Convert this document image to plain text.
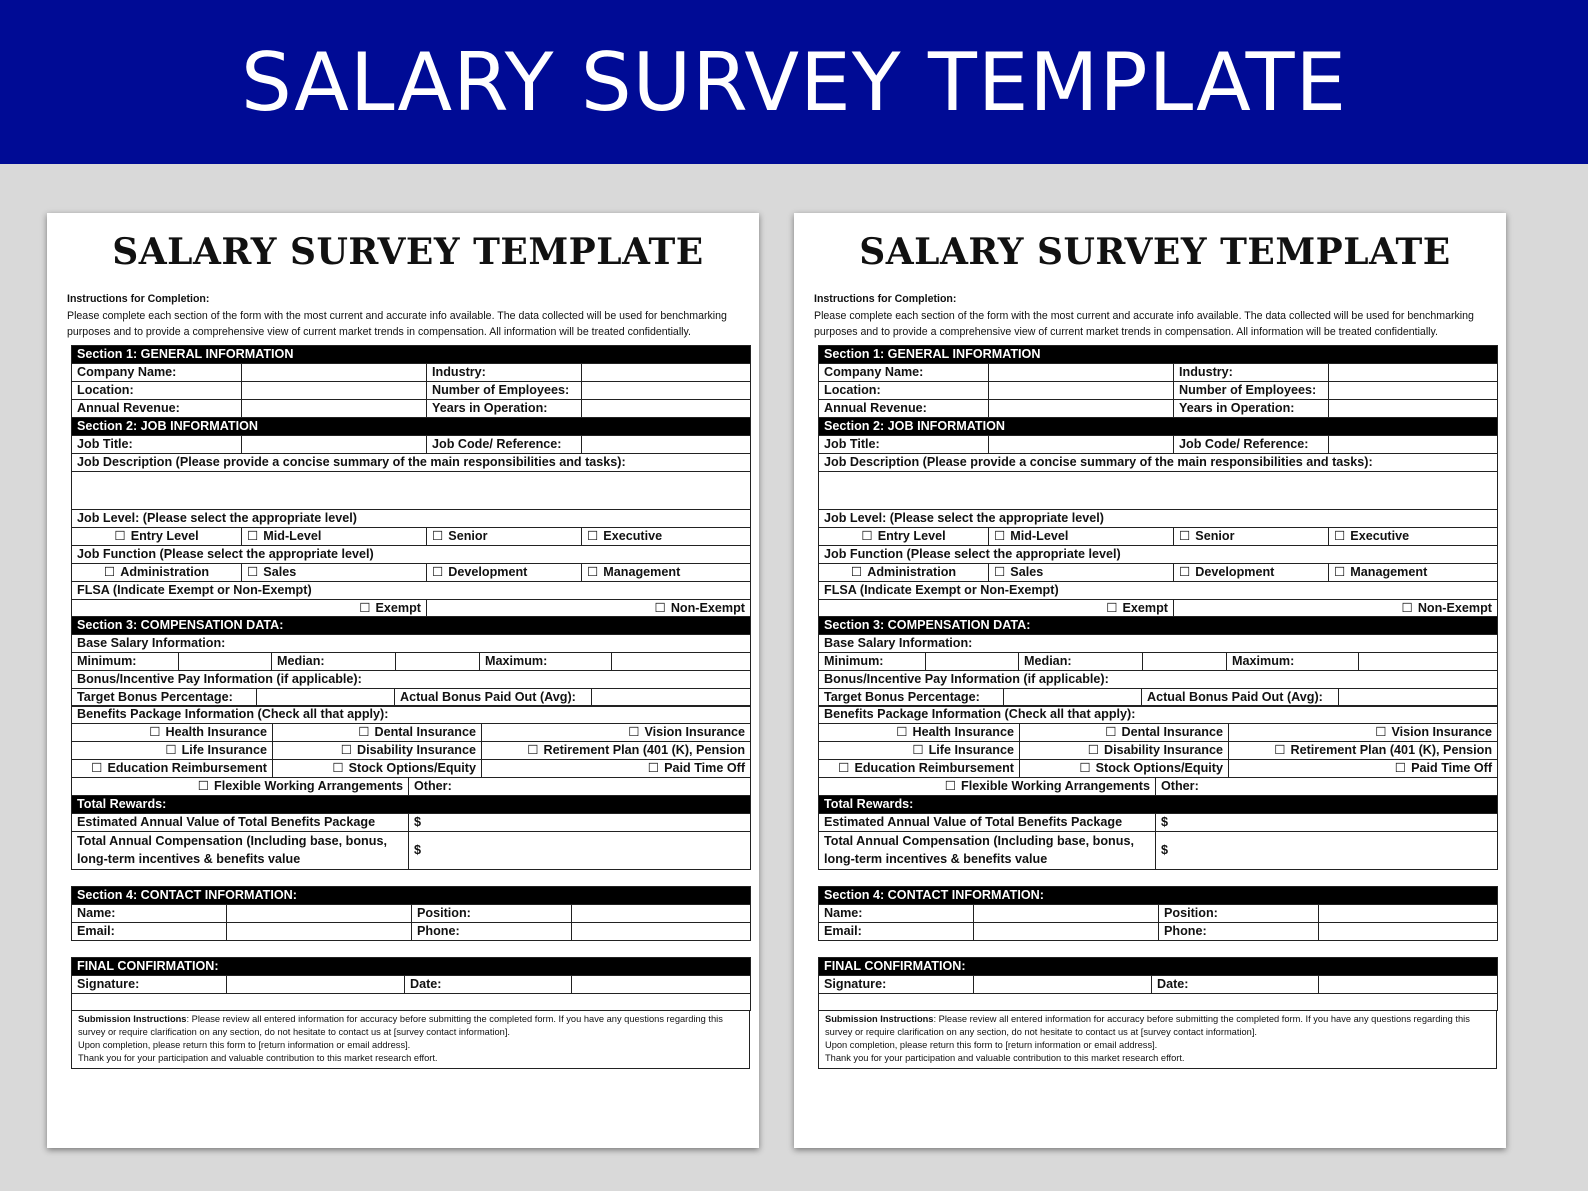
SALARY SURVEY TEMPLATE
SALARY SURVEY TEMPLATE
Instructions for Completion:
Please complete each section of the form with the most current and accurate info available. The data collected will be used for benchmarking purposes and to provide a comprehensive view of current market trends in compensation. All information will be treated confidentially.
Section 1: GENERAL INFORMATION			
Company Name:		Industry:	
Location:		Number of Employees:	
Annual Revenue:		Years in Operation:	
Section 2: JOB INFORMATION			
Job Title:		Job Code/ Reference:	
Job Description (Please provide a concise summary of the main responsibilities and tasks):			

Job Level: (Please select the appropriate level)			
☐ Entry Level	☐ Mid-Level	☐ Senior	☐ Executive
Job Function (Please select the appropriate level)			
☐ Administration	☐ Sales	☐ Development	☐ Management
FLSA (Indicate Exempt or Non-Exempt)			
☐ Exempt		☐ Non-Exempt	
Section 3: COMPENSATION DATA:
Base Salary Information:
Minimum:		Median:		Maximum:	
Bonus/Incentive Pay Information (if applicable):
Target Bonus Percentage:		Actual Bonus Paid Out (Avg):	
Benefits Package Information (Check all that apply):			
☐ Health Insurance	☐ Dental Insurance		☐ Vision Insurance
☐ Life Insurance	☐ Disability Insurance		☐ Retirement Plan (401 (K), Pension
☐ Education Reimbursement	☐ Stock Options/Equity		☐ Paid Time Off
☐ Flexible Working Arrangements		Other:	
Total Rewards:	
Estimated Annual Value of Total Benefits Package	$
Total Annual Compensation (Including base, bonus, long-term incentives & benefits value	$
Section 4: CONTACT INFORMATION:			
Name:		Position:	
Email:		Phone:	
FINAL CONFIRMATION:
Signature:		Date:	

Submission Instructions: Please review all entered information for accuracy before submitting the completed form. If you have any questions regarding this survey or require clarification on any section, do not hesitate to contact us at [survey contact information].
Upon completion, please return this form to [return information or email address].
Thank you for your participation and valuable contribution to this market research effort.
SALARY SURVEY TEMPLATE
Instructions for Completion:
Please complete each section of the form with the most current and accurate info available. The data collected will be used for benchmarking purposes and to provide a comprehensive view of current market trends in compensation. All information will be treated confidentially.
Section 1: GENERAL INFORMATION			
Company Name:		Industry:	
Location:		Number of Employees:	
Annual Revenue:		Years in Operation:	
Section 2: JOB INFORMATION			
Job Title:		Job Code/ Reference:	
Job Description (Please provide a concise summary of the main responsibilities and tasks):			

Job Level: (Please select the appropriate level)			
☐ Entry Level	☐ Mid-Level	☐ Senior	☐ Executive
Job Function (Please select the appropriate level)			
☐ Administration	☐ Sales	☐ Development	☐ Management
FLSA (Indicate Exempt or Non-Exempt)			
☐ Exempt		☐ Non-Exempt	
Section 3: COMPENSATION DATA:
Base Salary Information:
Minimum:		Median:		Maximum:	
Bonus/Incentive Pay Information (if applicable):
Target Bonus Percentage:		Actual Bonus Paid Out (Avg):	
Benefits Package Information (Check all that apply):			
☐ Health Insurance	☐ Dental Insurance		☐ Vision Insurance
☐ Life Insurance	☐ Disability Insurance		☐ Retirement Plan (401 (K), Pension
☐ Education Reimbursement	☐ Stock Options/Equity		☐ Paid Time Off
☐ Flexible Working Arrangements		Other:	
Total Rewards:	
Estimated Annual Value of Total Benefits Package	$
Total Annual Compensation (Including base, bonus, long-term incentives & benefits value	$
Section 4: CONTACT INFORMATION:			
Name:		Position:	
Email:		Phone:	
FINAL CONFIRMATION:
Signature:		Date:	

Submission Instructions: Please review all entered information for accuracy before submitting the completed form. If you have any questions regarding this survey or require clarification on any section, do not hesitate to contact us at [survey contact information].
Upon completion, please return this form to [return information or email address].
Thank you for your participation and valuable contribution to this market research effort.
